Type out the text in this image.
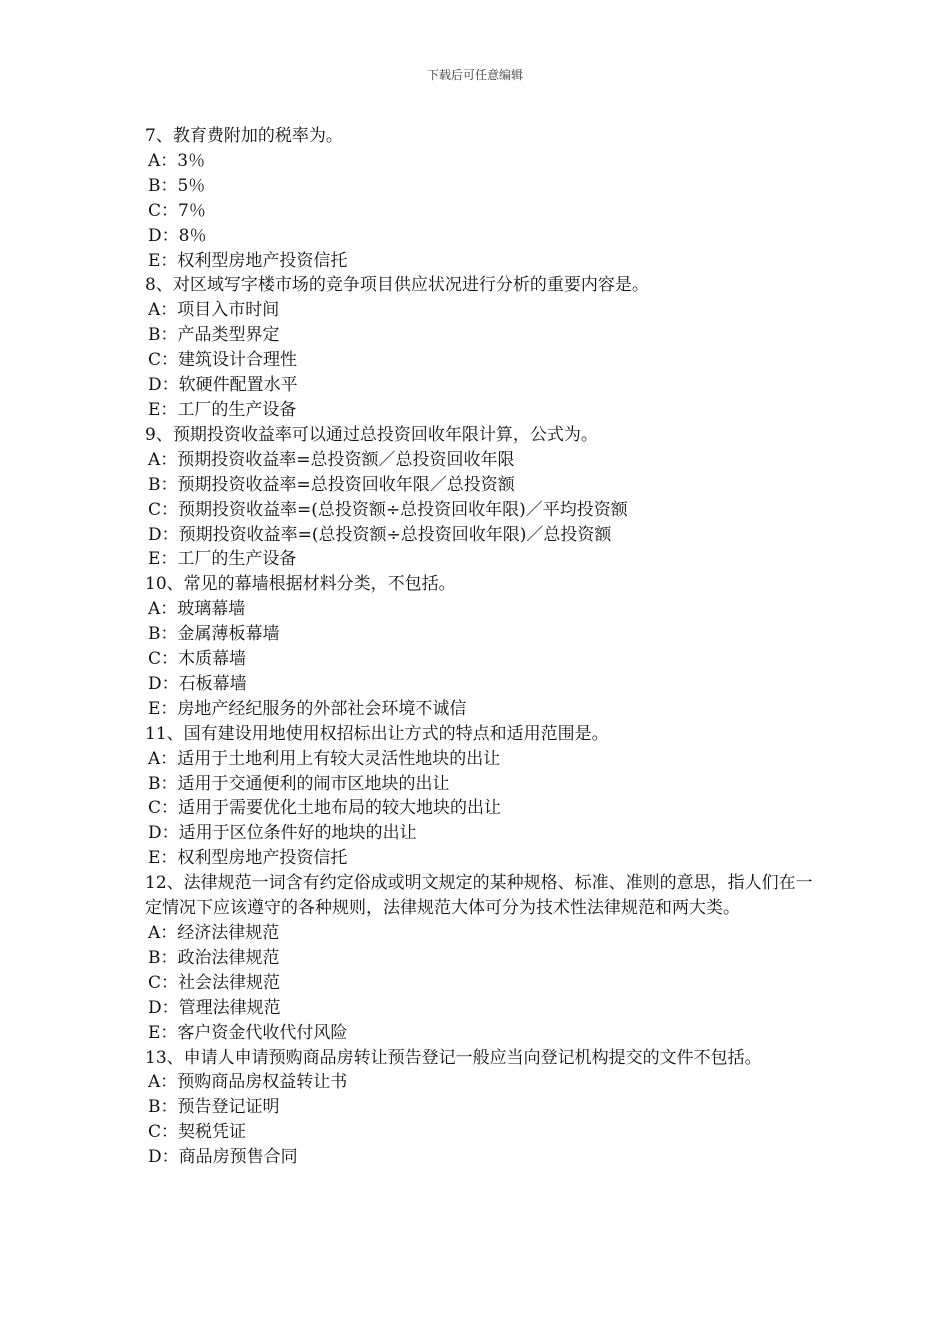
下载后可任意编辑
7、教育费附加的税率为。
A：3％
B：5％
C：7％
D：8％
E：权利型房地产投资信托
8、对区域写字楼市场的竞争项目供应状况进行分析的重要内容是。
A：项目入市时间
B：产品类型界定
C：建筑设计合理性
D：软硬件配置水平
E：工厂的生产设备
9、预期投资收益率可以通过总投资回收年限计算，公式为。
A：预期投资收益率=总投资额／总投资回收年限
B：预期投资收益率=总投资回收年限／总投资额
C：预期投资收益率=(总投资额÷总投资回收年限)／平均投资额
D：预期投资收益率=(总投资额÷总投资回收年限)／总投资额
E：工厂的生产设备
10、常见的幕墙根据材料分类，不包括。
A：玻璃幕墙
B：金属薄板幕墙
C：木质幕墙
D：石板幕墙
E：房地产经纪服务的外部社会环境不诚信
11、国有建设用地使用权招标出让方式的特点和适用范围是。
A：适用于土地利用上有较大灵活性地块的出让
B：适用于交通便利的闹市区地块的出让
C：适用于需要优化土地布局的较大地块的出让
D：适用于区位条件好的地块的出让
E：权利型房地产投资信托
12、法律规范一词含有约定俗成或明文规定的某种规格、标准、准则的意思，指人们在一定情况下应该遵守的各种规则，法律规范大体可分为技术性法律规范和两大类。
A：经济法律规范
B：政治法律规范
C：社会法律规范
D：管理法律规范
E：客户资金代收代付风险
13、申请人申请预购商品房转让预告登记一般应当向登记机构提交的文件不包括。
A：预购商品房权益转让书
B：预告登记证明
C：契税凭证
D：商品房预售合同
